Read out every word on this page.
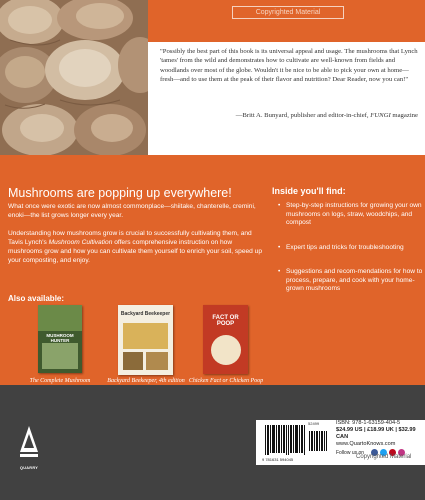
Copyrighted Material

"Possibly the best part of this book is its universal appeal and usage. The mushrooms that Lynch 'tames' from the wild and demonstrates how to cultivate are well-known from fields and woodlands over most of the globe. Wouldn't it be nice to be able to pick your own at home—fresh—and to use them at the peak of their flavor and nutrition? Dear Reader, now you can!"

—Britt A. Bunyard, publisher and editor-in-chief, FUNGI magazine

Mushrooms are popping up everywhere!

What once were exotic are now almost commonplace—shiitake, chanterelle, cremini, enoki—the list grows longer every year.

Understanding how mushrooms grow is crucial to successfully cultivating them, and Tavis Lynch's Mushroom Cultivation offers comprehensive instruction on how mushrooms grow and how you can cultivate them yourself to enrich your soil, speed up your composting, and enjoy.

Also available:
MUSHROOM HUNTER
Backyard Beekeeper
FACT OR POOP

The Complete Mushroom	Backyard Beekeeper, 4th edition Chicken Fact or Chicken Poop

Inside you'll find:

• Step-by-step instructions for growing your own mushrooms on logs, straw, woodchips, and compost

• Expert tips and tricks for troubleshooting

• Suggestions and recom-mendations for how to process, prepare, and cook with your home-grown mushrooms

QUARRY

52499

9 781631 594045

ISBN: 978-1-63159-404-5
$24.99 US | £18.99 UK | $32.99 CAN
www.QuartoKnows.com

Follow us on

Copyrighted Material
